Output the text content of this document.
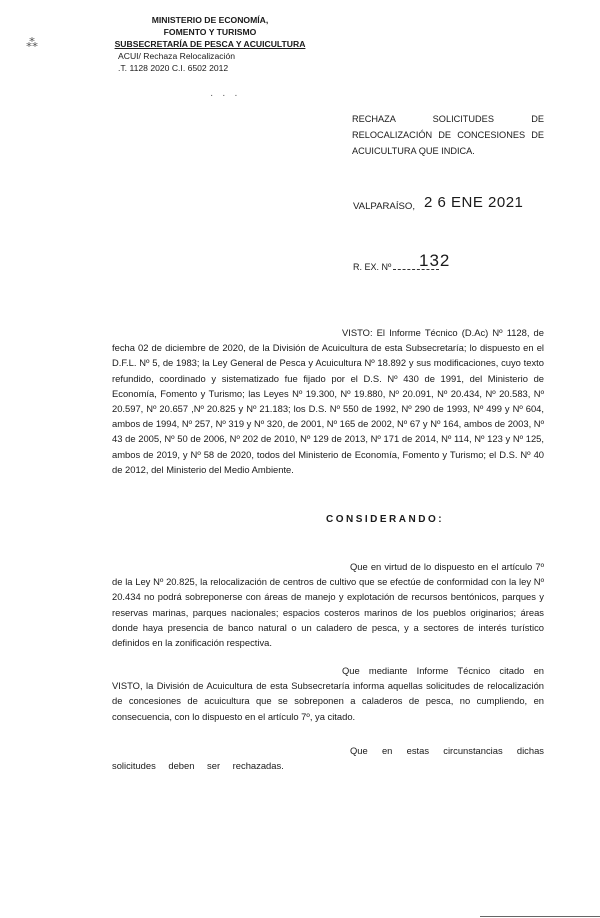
MINISTERIO DE ECONOMÍA,
FOMENTO Y TURISMO
SUBSECRETARÍA DE PESCA Y ACUICULTURA
ACUI/ Rechaza Relocalización
.T. 1128 2020 C.I. 6502 2012
⁂
· · ·
RECHAZA SOLICITUDES DE RELOCALIZACIÓN DE CONCESIONES DE ACUICULTURA QUE INDICA.
VALPARAÍSO, 2 6 ENE 2021
R. EX. Nº	132
VISTO: El Informe Técnico (D.Ac) Nº 1128, de fecha 02 de diciembre de 2020, de la División de Acuicultura de esta Subsecretaría; lo dispuesto en el D.F.L. Nº 5, de 1983; la Ley General de Pesca y Acuicultura Nº 18.892 y sus modificaciones, cuyo texto refundido, coordinado y sistematizado fue fijado por el D.S. Nº 430 de 1991, del Ministerio de Economía, Fomento y Turismo; las Leyes Nº 19.300, Nº 19.880, Nº 20.091, Nº 20.434, Nº 20.583, Nº 20.597, Nº 20.657 ,Nº 20.825 y Nº 21.183; los D.S. Nº 550 de 1992, Nº 290 de 1993, Nº 499 y Nº 604, ambos de 1994, Nº 257, Nº 319 y Nº 320, de 2001, Nº 165 de 2002, Nº 67 y Nº 164, ambos de 2003, Nº 43 de 2005, Nº 50 de 2006, Nº 202 de 2010, Nº 129 de 2013, Nº 171 de 2014, Nº 114, Nº 123 y Nº 125, ambos de 2019, y Nº 58 de 2020, todos del Ministerio de Economía, Fomento y Turismo; el D.S. Nº 40 de 2012, del Ministerio del Medio Ambiente.
CONSIDERANDO:
Que en virtud de lo dispuesto en el artículo 7º de la Ley Nº 20.825, la relocalización de centros de cultivo que se efectúe de conformidad con la ley Nº 20.434 no podrá sobreponerse con áreas de manejo y explotación de recursos bentónicos, parques y reservas marinas, parques nacionales; espacios costeros marinos de los pueblos originarios; áreas donde haya presencia de banco natural o un caladero de pesca, y a sectores de interés turístico definidos en la zonificación respectiva.
Que mediante Informe Técnico citado en VISTO, la División de Acuicultura de esta Subsecretaría informa aquellas solicitudes de relocalización de concesiones de acuicultura que se sobreponen a caladeros de pesca, no cumpliendo, en consecuencia, con lo dispuesto en el artículo 7º, ya citado.
Que en estas circunstancias dichas solicitudes deben ser rechazadas.
